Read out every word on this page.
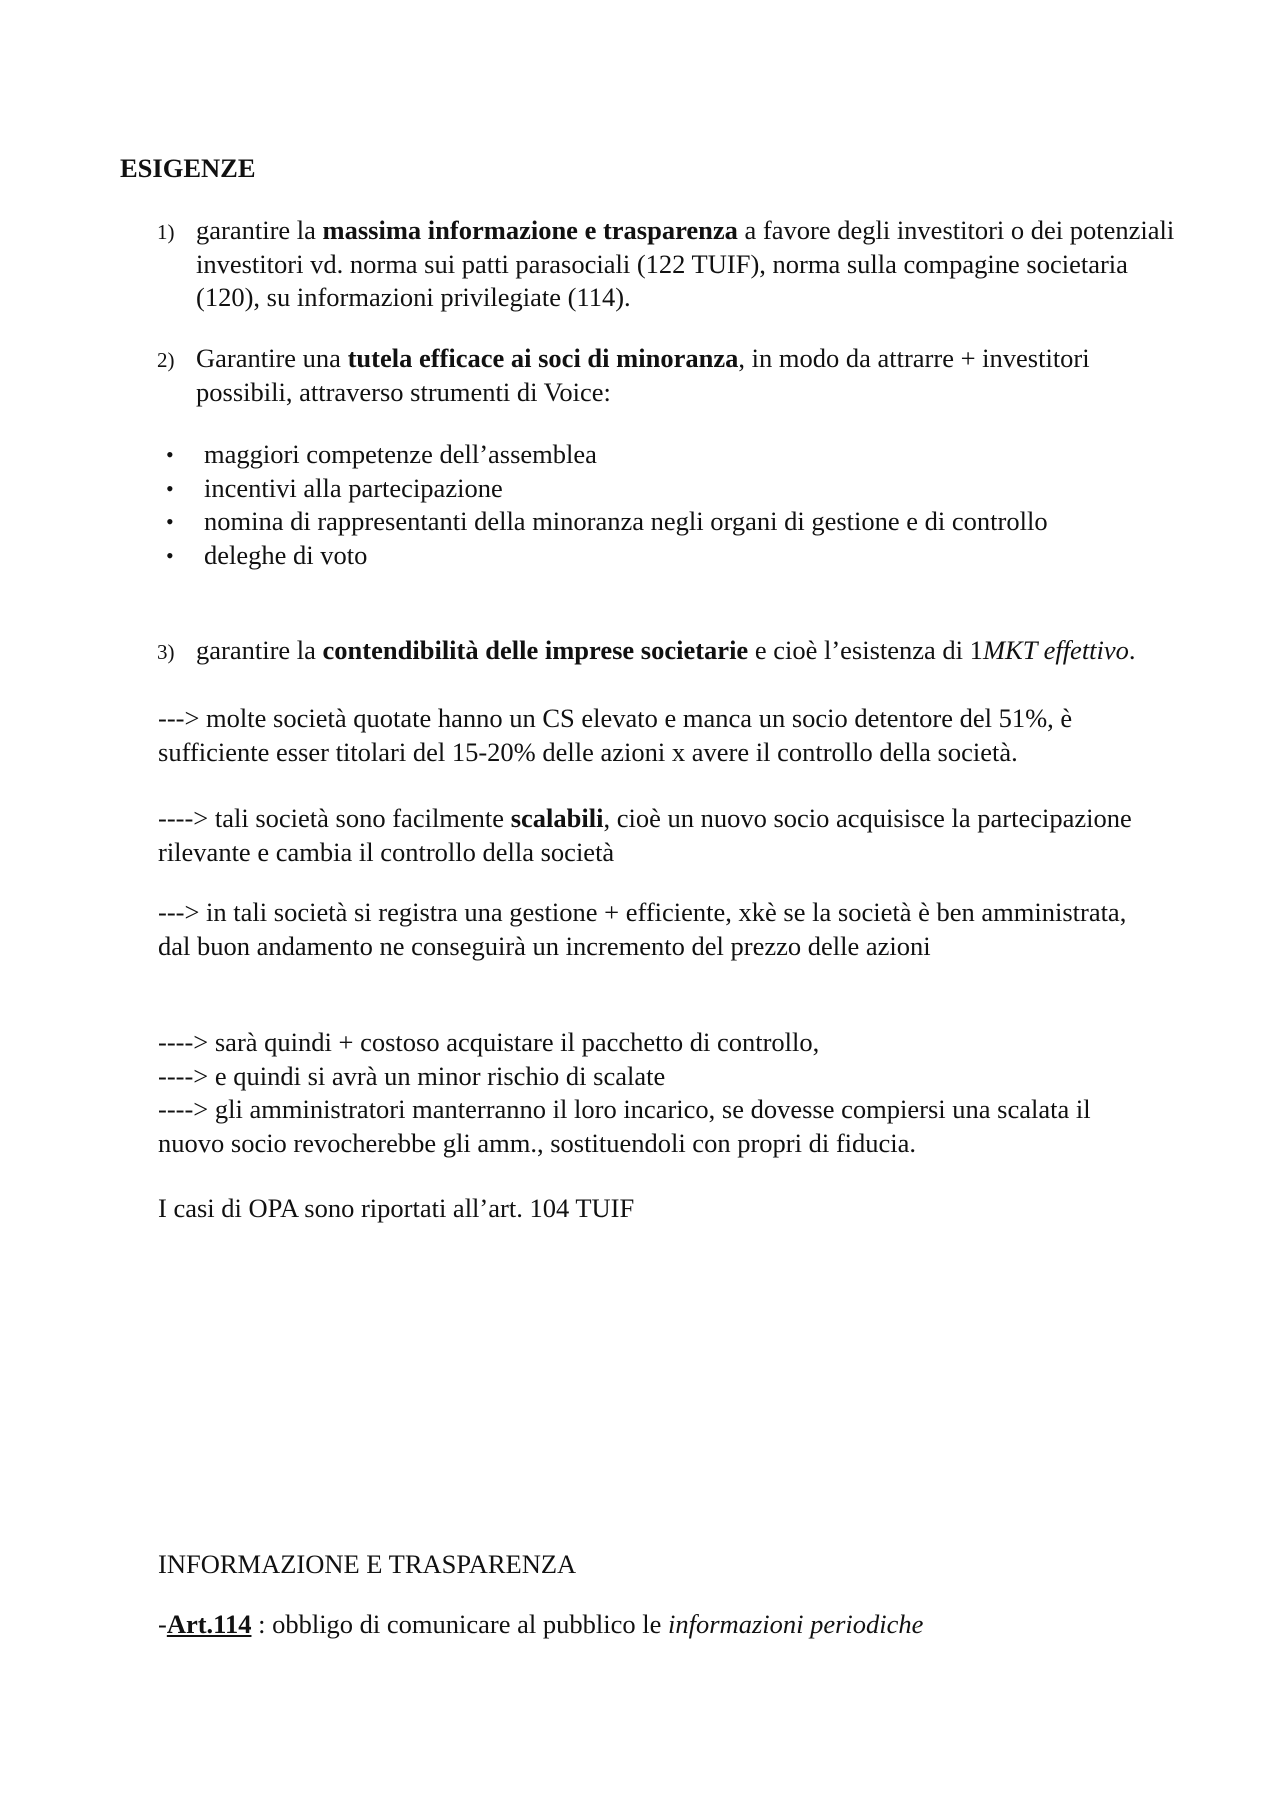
ESIGENZE
1) garantire la massima informazione e trasparenza a favore degli investitori o dei potenziali investitori vd. norma sui patti parasociali (122 TUIF), norma sulla compagine societaria (120), su informazioni privilegiate (114).
2) Garantire una tutela efficace ai soci di minoranza, in modo da attrarre + investitori possibili, attraverso strumenti di Voice:
• maggiori competenze dell’assemblea
• incentivi alla partecipazione
• nomina di rappresentanti della minoranza negli organi di gestione e di controllo
• deleghe di voto
3) garantire la contendibilità delle imprese societarie e cioè l’esistenza di 1MKT effettivo.
---> molte società quotate hanno un CS elevato e manca un socio detentore del 51%, è sufficiente esser titolari del 15-20% delle azioni x avere il controllo della società.
----> tali società sono facilmente scalabili, cioè un nuovo socio acquisisce la partecipazione rilevante e cambia il controllo della società
---> in tali società si registra una gestione + efficiente, xkè se la società è ben amministrata, dal buon andamento ne conseguirà un incremento del prezzo delle azioni
----> sarà quindi + costoso acquistare il pacchetto di controllo,
----> e quindi si avrà un minor rischio di scalate
----> gli amministratori manterranno il loro incarico, se dovesse compiersi una scalata il nuovo socio revocherebbe gli amm., sostituendoli con propri di fiducia.
I casi di OPA sono riportati all’art. 104 TUIF
INFORMAZIONE E TRASPARENZA
-Art.114 : obbligo di comunicare al pubblico le informazioni periodiche
